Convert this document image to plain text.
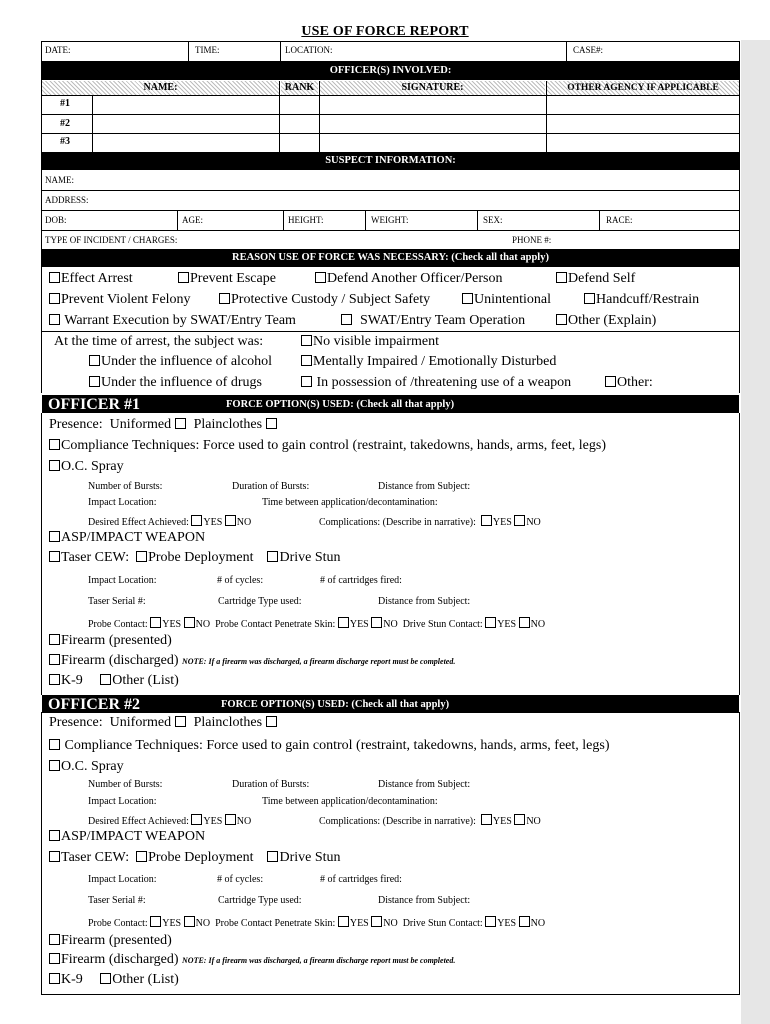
USE OF FORCE REPORT
DATE:	TIME:	LOCATION:	CASE#:
OFFICER(S) INVOLVED:
NAME:	RANK	SIGNATURE:	OTHER AGENCY IF APPLICABLE
#1
#2
#3
SUSPECT INFORMATION:
NAME:
ADDRESS:
DOB:	AGE:	HEIGHT:	WEIGHT:	SEX:	RACE:
TYPE OF INCIDENT / CHARGES:	PHONE #:
REASON USE OF FORCE WAS NECESSARY: (Check all that apply)
Effect Arrest	Prevent Escape	Defend Another Officer/Person	Defend Self
Prevent Violent Felony	Protective Custody / Subject Safety	Unintentional	Handcuff/Restrain
Warrant Execution by SWAT/Entry Team	SWAT/Entry Team Operation	Other (Explain)
At the time of arrest, the subject was:	No visible impairment
Under the influence of alcohol	Mentally Impaired / Emotionally Disturbed
Under the influence of drugs	In possession of /threatening use of a weapon	Other:
OFFICER #1	FORCE OPTION(S) USED: (Check all that apply)
Presence: Uniformed Plainclothes
Compliance Techniques: Force used to gain control (restraint, takedowns, hands, arms, feet, legs)
O.C. Spray
Number of Bursts:	Duration of Bursts:	Distance from Subject:
Impact Location:	Time between application/decontamination:
Desired Effect Achieved: YES NO	Complications: (Describe in narrative): YES NO
ASP/IMPACT WEAPON
Taser CEW: Probe Deployment Drive Stun
Impact Location:	# of cycles:	# of cartridges fired:
Taser Serial #:	Cartridge Type used:	Distance from Subject:
Probe Contact: YES NO Probe Contact Penetrate Skin: YES NO Drive Stun Contact: YES NO
Firearm (presented)
Firearm (discharged) NOTE: If a firearm was discharged, a firearm discharge report must be completed.
K-9 Other (List)
OFFICER #2	FORCE OPTION(S) USED: (Check all that apply)
Presence: Uniformed Plainclothes
Compliance Techniques: Force used to gain control (restraint, takedowns, hands, arms, feet, legs)
O.C. Spray
Number of Bursts:	Duration of Bursts:	Distance from Subject:
Impact Location:	Time between application/decontamination:
Desired Effect Achieved: YES NO	Complications: (Describe in narrative): YES NO
ASP/IMPACT WEAPON
Taser CEW: Probe Deployment Drive Stun
Impact Location:	# of cycles:	# of cartridges fired:
Taser Serial #:	Cartridge Type used:	Distance from Subject:
Probe Contact: YES NO Probe Contact Penetrate Skin: YES NO Drive Stun Contact: YES NO
Firearm (presented)
Firearm (discharged) NOTE: If a firearm was discharged, a firearm discharge report must be completed.
K-9 Other (List)
